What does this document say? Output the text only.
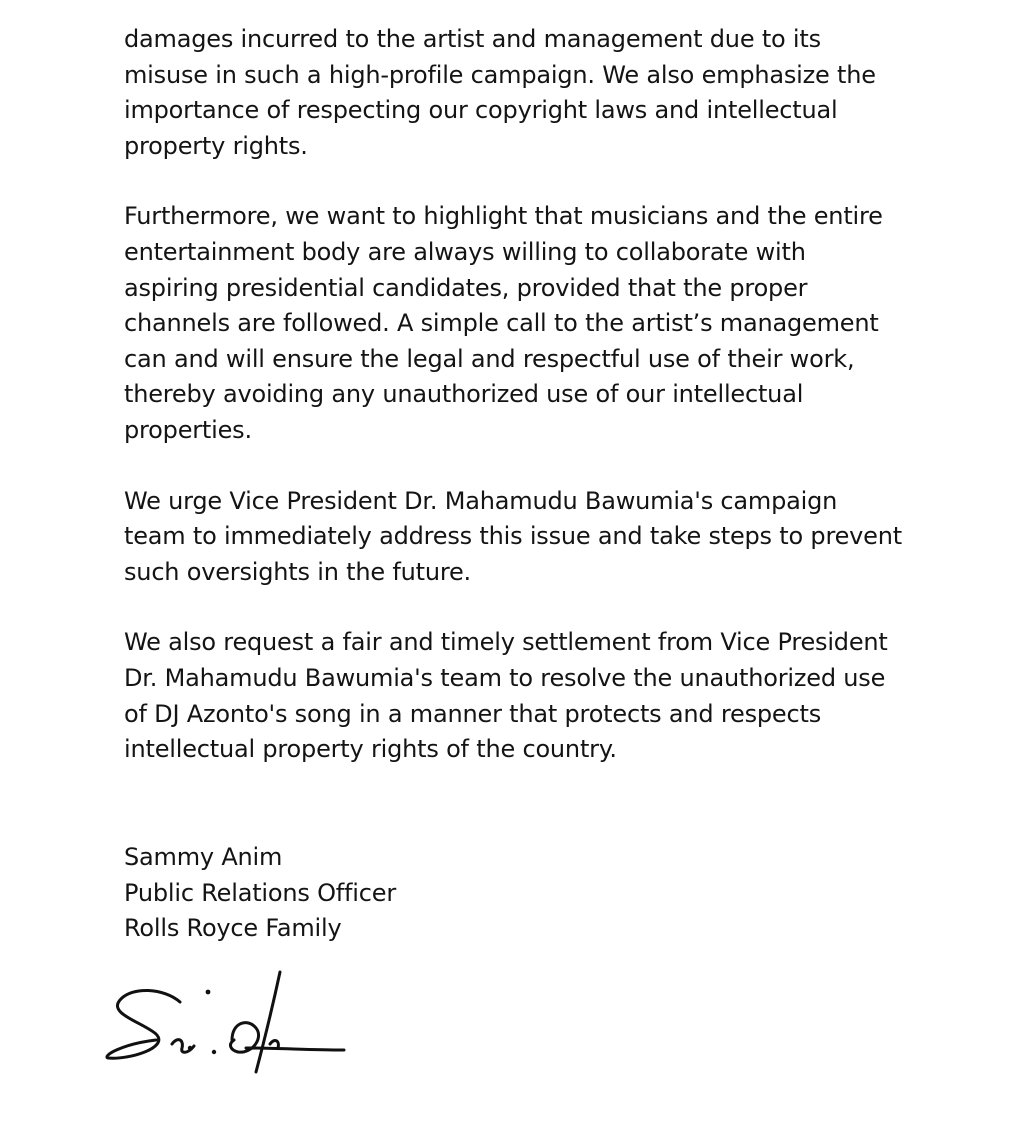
damages incurred to the artist and management due to its
misuse in such a high-profile campaign. We also emphasize the
importance of respecting our copyright laws and intellectual
property rights.

Furthermore, we want to highlight that musicians and the entire
entertainment body are always willing to collaborate with
aspiring presidential candidates, provided that the proper
channels are followed. A simple call to the artist’s management
can and will ensure the legal and respectful use of their work,
thereby avoiding any unauthorized use of our intellectual
properties.

We urge Vice President Dr. Mahamudu Bawumia's campaign
team to immediately address this issue and take steps to prevent
such oversights in the future.

We also request a fair and timely settlement from Vice President
Dr. Mahamudu Bawumia's team to resolve the unauthorized use
of DJ Azonto's song in a manner that protects and respects
intellectual property rights of the country.

Sammy Anim
Public Relations Officer
Rolls Royce Family
